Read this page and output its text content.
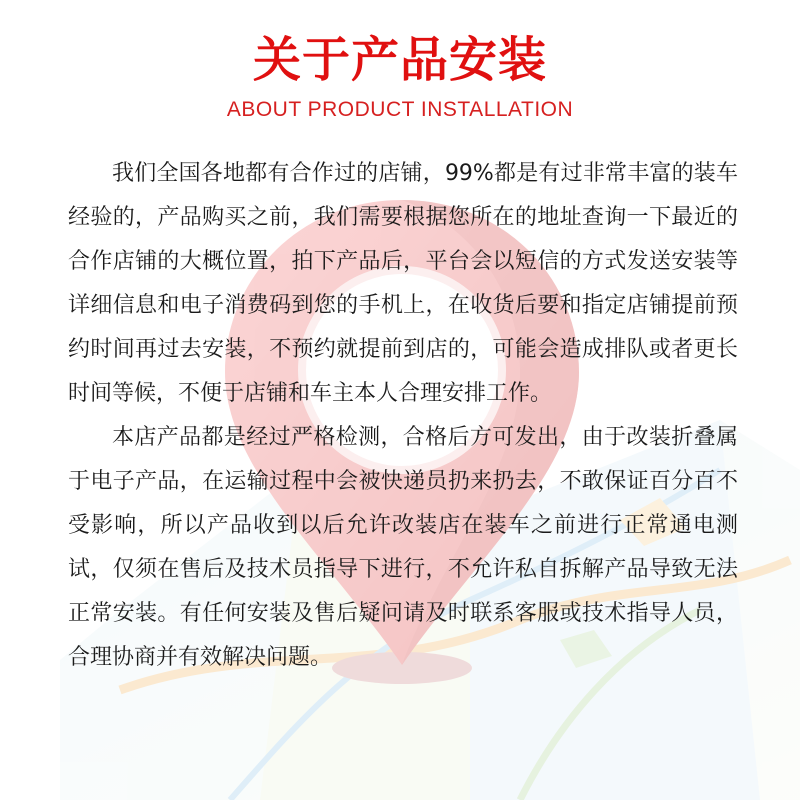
关于产品安装
ABOUT PRODUCT INSTALLATION

我们全国各地都有合作过的店铺，99%都是有过非常丰富的装车经验的，产品购买之前，我们需要根据您所在的地址查询一下最近的合作店铺的大概位置，拍下产品后，平台会以短信的方式发送安装等详细信息和电子消费码到您的手机上，在收货后要和指定店铺提前预约时间再过去安装，不预约就提前到店的，可能会造成排队或者更长时间等候，不便于店铺和车主本人合理安排工作。

本店产品都是经过严格检测，合格后方可发出，由于改装折叠属于电子产品，在运输过程中会被快递员扔来扔去，不敢保证百分百不受影响，所以产品收到以后允许改装店在装车之前进行正常通电测试，仅须在售后及技术员指导下进行，不允许私自拆解产品导致无法正常安装。有任何安装及售后疑问请及时联系客服或技术指导人员，合理协商并有效解决问题。
